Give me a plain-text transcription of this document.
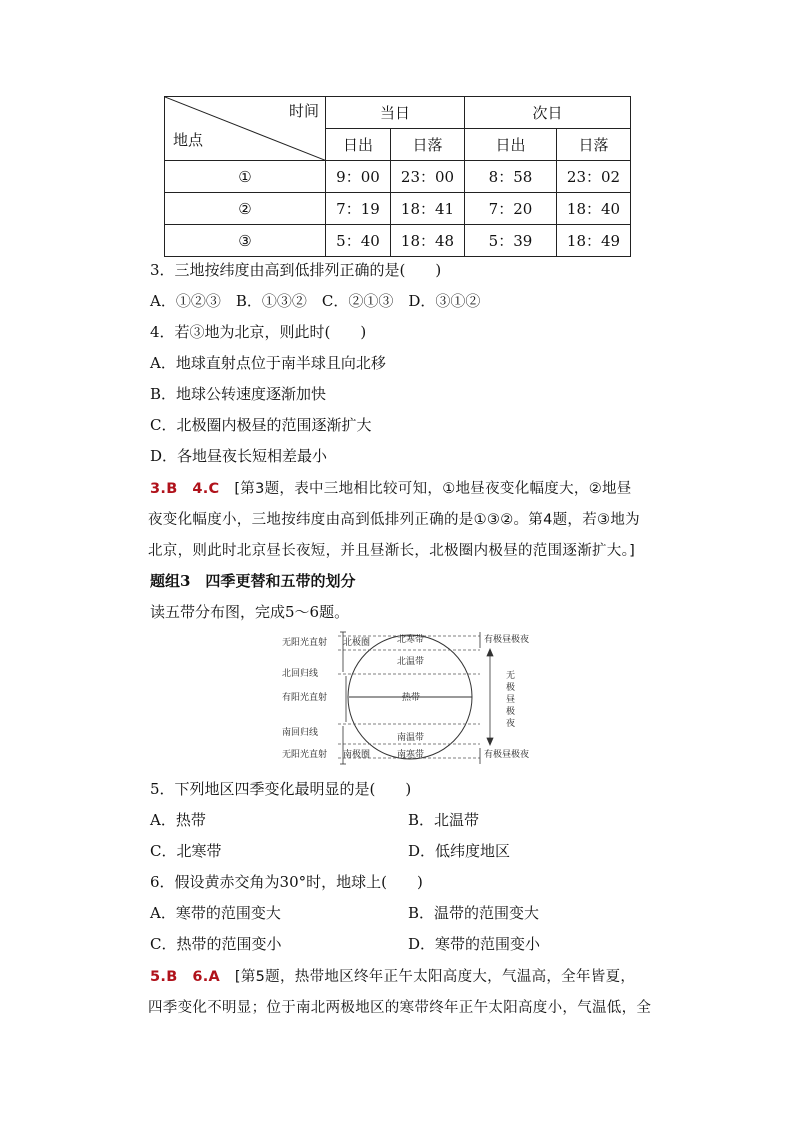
时间
地点	当日		次日	
	日出	日落	日出	日落
①	9：00	23：00	8：58	23：02
②	7：19	18：41	7：20	18：40
③	5：40	18：48	5：39	18：49
3．三地按纬度由高到低排列正确的是(　　)
A．①②③　B．①③②　C．②①③　D．③①②
4．若③地为北京，则此时(　　)
A．地球直射点位于南半球且向北移
B．地球公转速度逐渐加快
C．北极圈内极昼的范围逐渐扩大
D．各地昼夜长短相差最小
3.B　4.C　 [第3题，表中三地相比较可知，①地昼夜变化幅度大，②地昼
夜变化幅度小，三地按纬度由高到低排列正确的是①③②。第4题，若③地为
北京，则此时北京昼长夜短，并且昼渐长，北极圈内极昼的范围逐渐扩大。]
题组3　四季更替和五带的划分
读五带分布图，完成5～6题。
无阳光直射
北回归线
有阳光直射
南回归线
无阳光直射
北极圈
南极圈
北寒带
北温带
热带
南温带
南寒带
有极昼极夜
有极昼极夜
无
极
昼
极
夜
5．下列地区四季变化最明显的是(　　)
A．热带	B．北温带
C．北寒带	D．低纬度地区
6．假设黄赤交角为30°时，地球上(　　)
A．寒带的范围变大	B．温带的范围变大
C．热带的范围变小	D．寒带的范围变小
5.B　6.A　 [第5题，热带地区终年正午太阳高度大，气温高，全年皆夏，
四季变化不明显；位于南北两极地区的寒带终年正午太阳高度小，气温低，全
